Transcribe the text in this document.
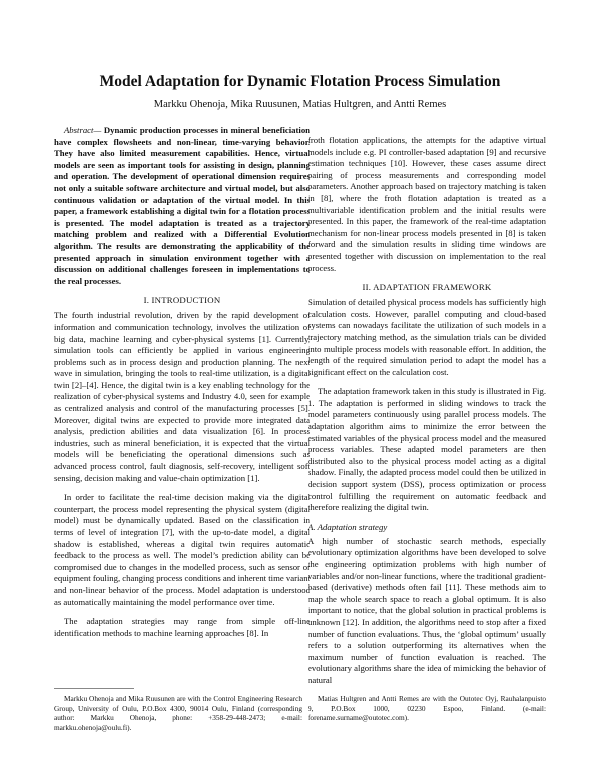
Model Adaptation for Dynamic Flotation Process Simulation
Markku Ohenoja, Mika Ruusunen, Matias Hultgren, and Antti Remes

Abstract— Dynamic production processes in mineral beneficiation have complex flowsheets and non-linear, time-varying behavior. They have also limited measurement capabilities. Hence, virtual models are seen as important tools for assisting in design, planning and operation. The development of operational dimension requires not only a suitable software architecture and virtual model, but also continuous validation or adaptation of the virtual model. In this paper, a framework establishing a digital twin for a flotation process is presented. The model adaptation is treated as a trajectory matching problem and realized with a Differential Evolution algorithm. The results are demonstrating the applicability of the presented approach in simulation environment together with a discussion on additional challenges foreseen in implementations to the real processes.

I. INTRODUCTION

The fourth industrial revolution, driven by the rapid development of information and communication technology, involves the utilization of big data, machine learning and cyber-physical systems [1]. Currently, simulation tools can efficiently be applied in various engineering problems such as in process design and production planning. The next wave in simulation, bringing the tools to real-time utilization, is a digital twin [2]–[4]. Hence, the digital twin is a key enabling technology for the realization of cyber-physical systems and Industry 4.0, seen for example as centralized analysis and control of the manufacturing processes [5]. Moreover, digital twins are expected to provide more integrated data analysis, prediction abilities and data visualization [6]. In process industries, such as mineral beneficiation, it is expected that the virtual models will be beneficiating the operational dimensions such as advanced process control, fault diagnosis, self-recovery, intelligent soft sensing, decision making and value-chain optimization [1].

In order to facilitate the real-time decision making via the digital counterpart, the process model representing the physical system (digital model) must be dynamically updated. Based on the classification in terms of level of integration [7], with the up-to-date model, a digital shadow is established, whereas a digital twin requires automatic feedback to the process as well. The model’s prediction ability can be compromised due to changes in the modelled process, such as sensor or equipment fouling, changing process conditions and inherent time variant and non-linear behavior of the process. Model adaptation is understood as automatically maintaining the model performance over time.

The adaptation strategies may range from simple off-line identification methods to machine learning approaches [8]. In

froth flotation applications, the attempts for the adaptive virtual models include e.g. PI controller-based adaptation [9] and recursive estimation techniques [10]. However, these cases assume direct pairing of process measurements and corresponding model parameters. Another approach based on trajectory matching is taken in [8], where the froth flotation adaptation is treated as a multivariable identification problem and the initial results were presented. In this paper, the framework of the real-time adaptation mechanism for non-linear process models presented in [8] is taken forward and the simulation results in sliding time windows are presented together with discussion on implementation to the real process.

II. ADAPTATION FRAMEWORK

Simulation of detailed physical process models has sufficiently high calculation costs. However, parallel computing and cloud-based systems can nowadays facilitate the utilization of such models in a trajectory matching method, as the simulation trials can be divided into multiple process models with reasonable effort. In addition, the length of the required simulation period to adapt the model has a significant effect on the calculation cost.

The adaptation framework taken in this study is illustrated in Fig. 1. The adaptation is performed in sliding windows to track the model parameters continuously using parallel process models. The adaptation algorithm aims to minimize the error between the estimated variables of the physical process model and the measured process variables. These adapted model parameters are then distributed also to the physical process model acting as a digital shadow. Finally, the adapted process model could then be utilized in decision support system (DSS), process optimization or process control fulfilling the requirement on automatic feedback and therefore realizing the digital twin.

A. Adaptation strategy

A high number of stochastic search methods, especially evolutionary optimization algorithms have been developed to solve the engineering optimization problems with high number of variables and/or non-linear functions, where the traditional gradient-based (derivative) methods often fail [11]. These methods aim to map the whole search space to reach a global optimum. It is also important to notice, that the global solution in practical problems is unknown [12]. In addition, the algorithms need to stop after a fixed number of function evaluations. Thus, the ‘global optimum’ usually refers to a solution outperforming its alternatives when the maximum number of function evaluation is reached. The evolutionary algorithms share the idea of mimicking the behavior of natural

Markku Ohenoja and Mika Ruusunen are with the Control Engineering Research Group, University of Oulu, P.O.Box 4300, 90014 Oulu, Finland (corresponding author: Markku Ohenoja, phone: +358-29-448-2473; e-mail: markku.ohenoja@oulu.fi).
Matias Hultgren and Antti Remes are with the Outotec Oyj, Rauhalanpuisto 9, P.O.Box 1000, 02230 Espoo, Finland. (e-mail: forename.surname@outotec.com).
